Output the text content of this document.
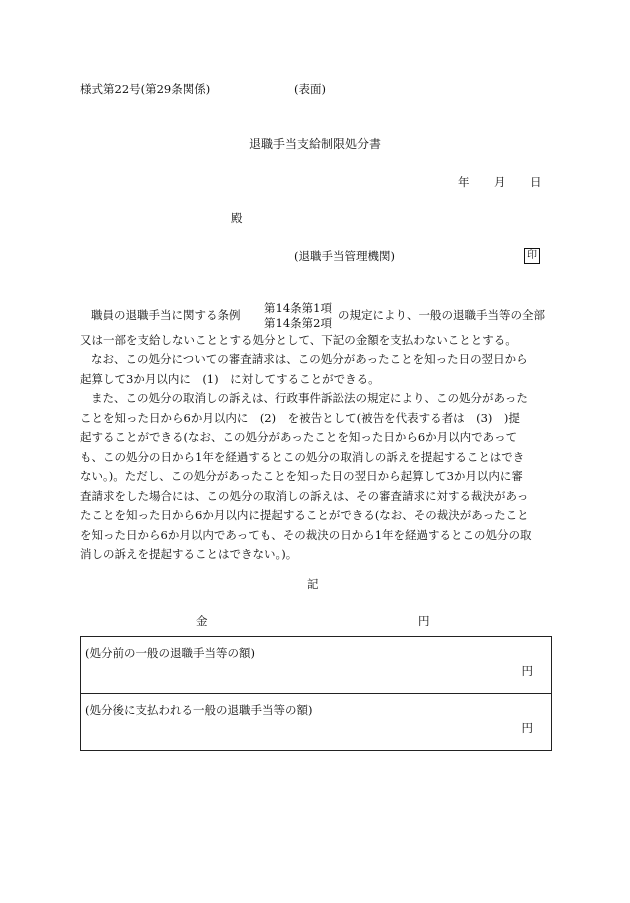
様式第22号(第29条関係)	(表面)
退職手当支給制限処分書
年 月 日
殿
(退職手当管理機関)	印
職員の退職手当に関する条例 第14条第1項
第14条第2項
の規定により、一般の退職手当等の全部
又は一部を支給しないこととする処分として、下記の金額を支払わないこととする。
なお、この処分についての審査請求は、この処分があったことを知った日の翌日から
起算して3か月以内に　(1)　に対してすることができる。
また、この処分の取消しの訴えは、行政事件訴訟法の規定により、この処分があった
ことを知った日から6か月以内に　(2)　を被告として(被告を代表する者は　(3)　)提
起することができる(なお、この処分があったことを知った日から6か月以内であって
も、この処分の日から1年を経過するとこの処分の取消しの訴えを提起することはでき
ない。)。ただし、この処分があったことを知った日の翌日から起算して3か月以内に審
査請求をした場合には、この処分の取消しの訴えは、その審査請求に対する裁決があっ
たことを知った日から6か月以内に提起することができる(なお、その裁決があったこと
を知った日から6か月以内であっても、その裁決の日から1年を経過するとこの処分の取
消しの訴えを提起することはできない。)。
記
金	円
(処分前の一般の退職手当等の額)
円

(処分後に支払われる一般の退職手当等の額)
円
